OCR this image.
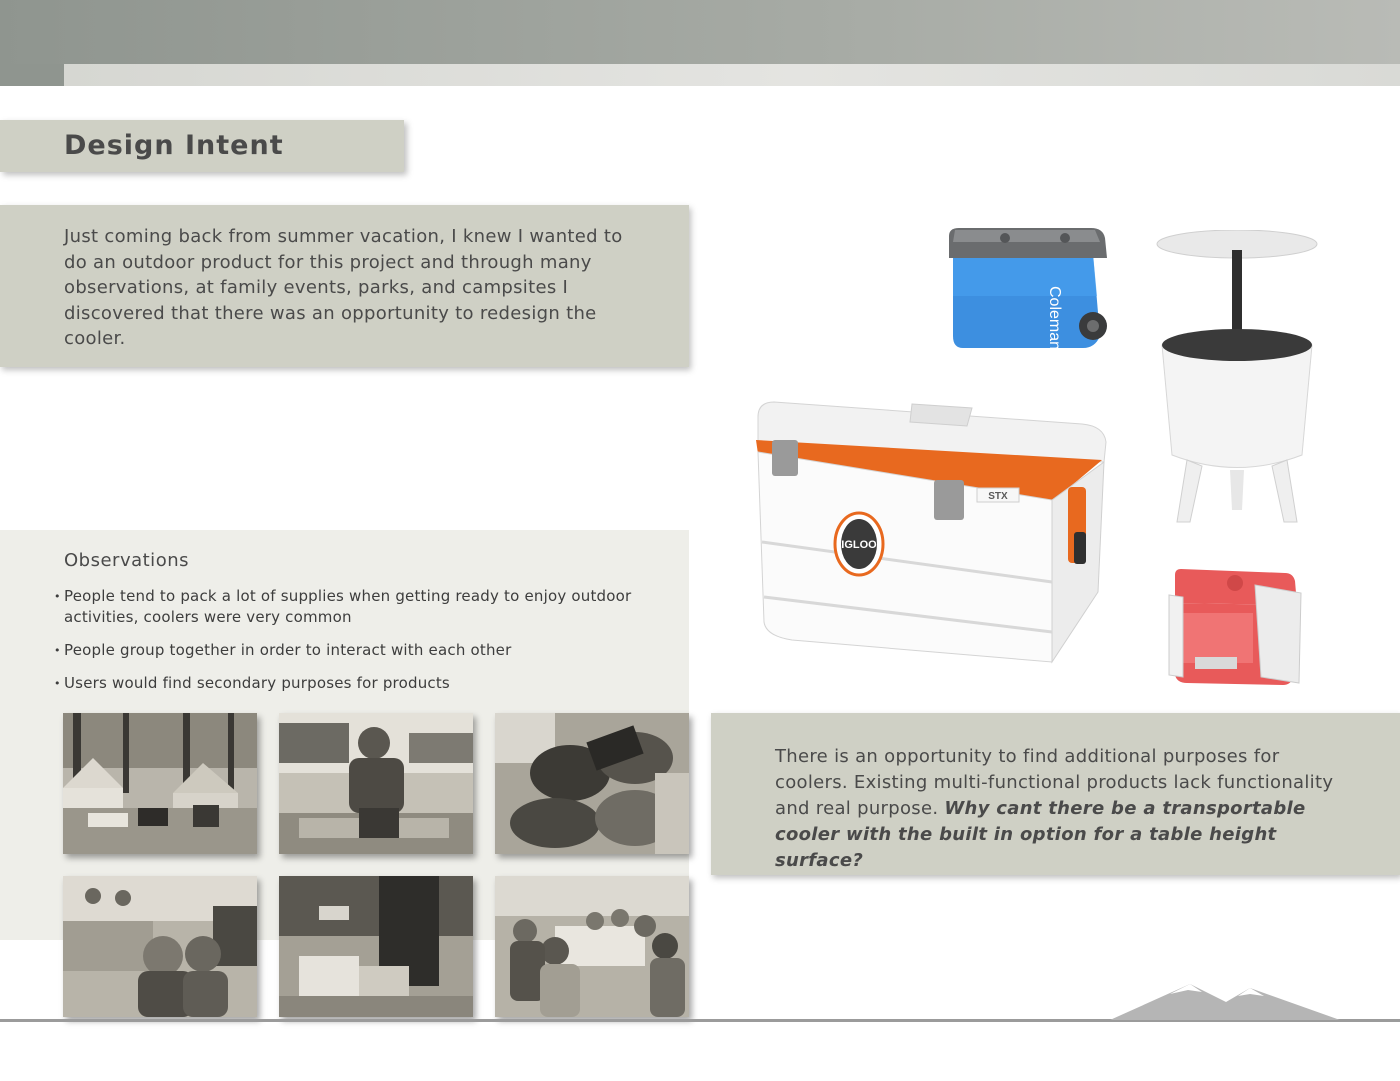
Design Intent

Just coming back from summer vacation, I knew I wanted to do an outdoor product for this project and through many observations, at family events, parks, and campsites I discovered that there was an opportunity to redesign the cooler.

Observations
• People tend to pack a lot of supplies when getting ready to enjoy outdoor activities, coolers were very common
• People group together in order to interact with each other
• Users would find secondary purposes for products
Coleman
IGLOO
STX

There is an opportunity to find additional purposes for coolers. Existing multi-functional products lack functionality and real purpose. Why cant there be a transportable cooler with the built in option for a table height surface?
